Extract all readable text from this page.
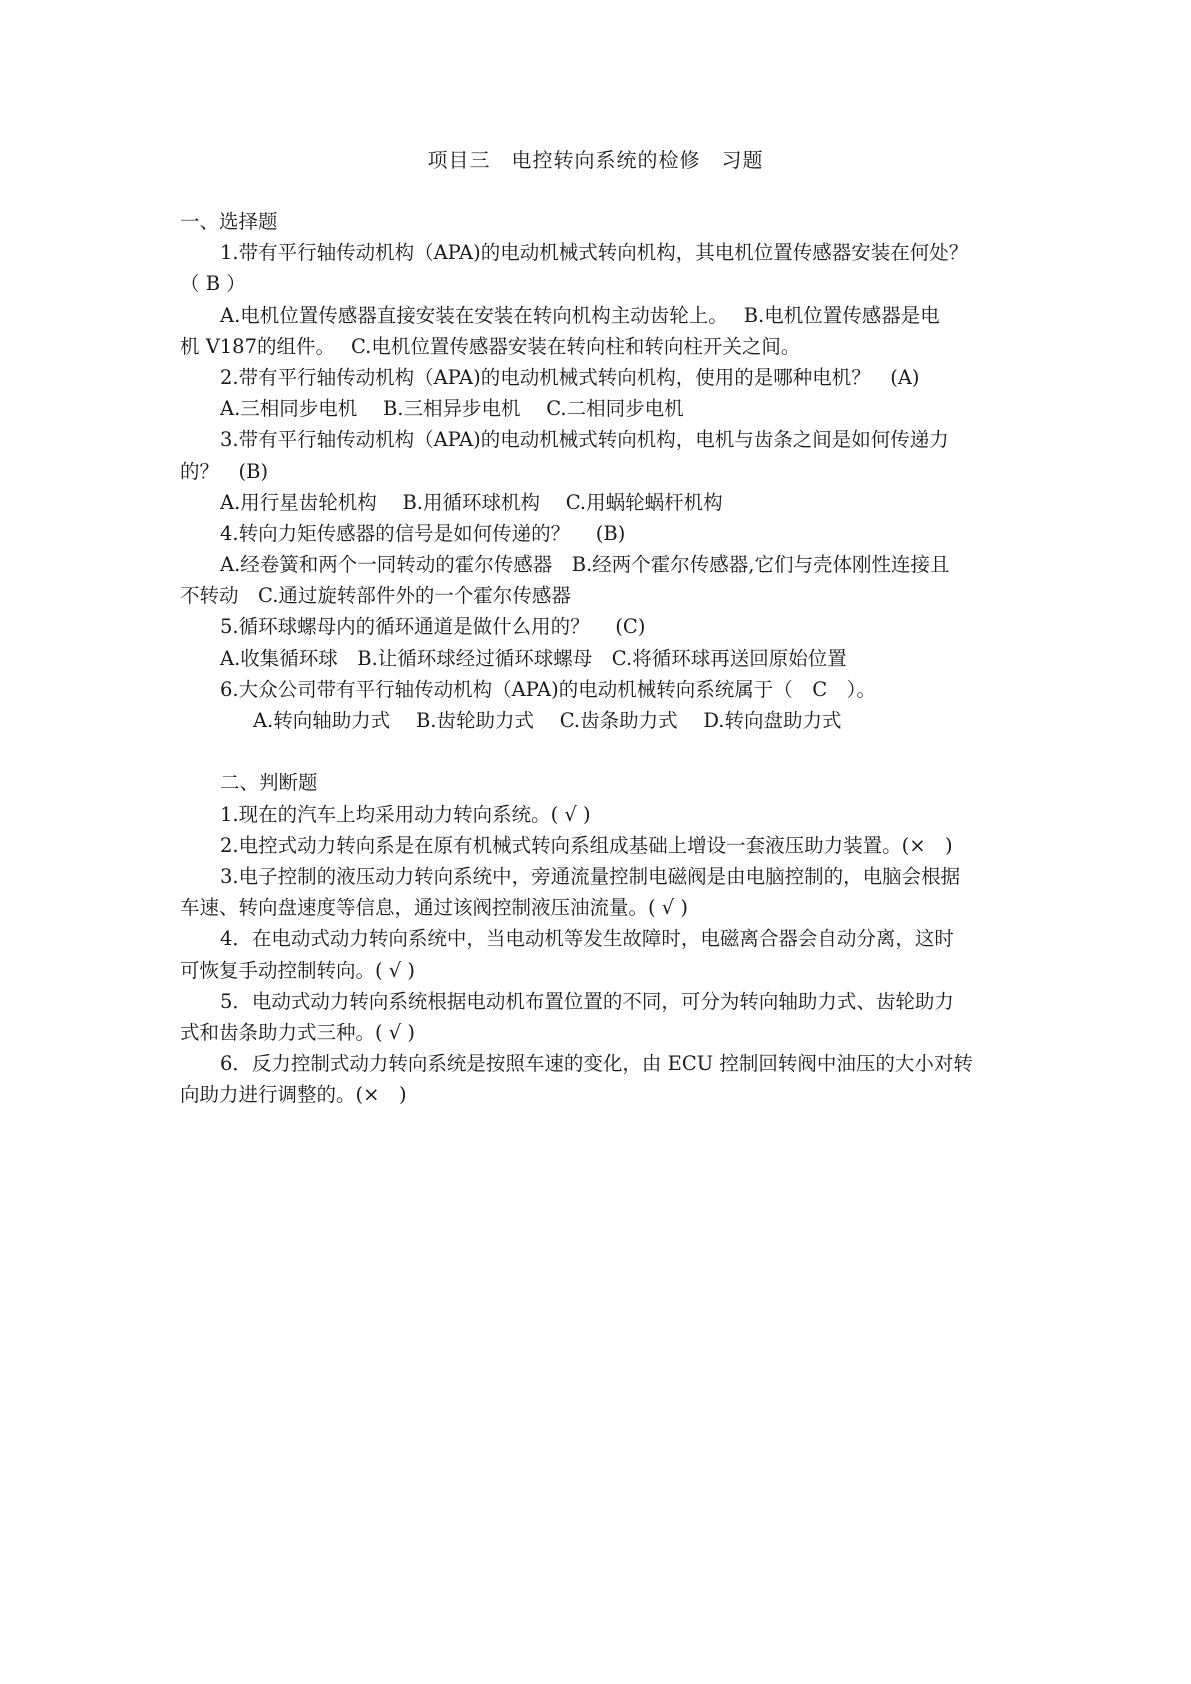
项目三　电控转向系统的检修　习题
一、选择题
1.带有平行轴传动机构（APA)的电动机械式转向机构，其电机位置传感器安装在何处？
（ B ）
A.电机位置传感器直接安装在安装在转向机构主动齿轮上。　 B.电机位置传感器是电
机 V187的组件。　 C.电机位置传感器安装在转向柱和转向柱开关之间。
2.带有平行轴传动机构（APA)的电动机械式转向机构，使用的是哪种电机？　(A)
A.三相同步电机　 B.三相异步电机　 C.二相同步电机
3.带有平行轴传动机构（APA)的电动机械式转向机构，电机与齿条之间是如何传递力
的？　(B)
A.用行星齿轮机构　 B.用循环球机构　 C.用蜗轮蜗杆机构
4.转向力矩传感器的信号是如何传递的？　 (B)
A.经卷簧和两个一同转动的霍尔传感器　B.经两个霍尔传感器,它们与壳体刚性连接且
不转动　C.通过旋转部件外的一个霍尔传感器
5.循环球螺母内的循环通道是做什么用的？　 (C)
A.收集循环球　B.让循环球经过循环球螺母　C.将循环球再送回原始位置
6.大众公司带有平行轴传动机构（APA)的电动机械转向系统属于（　C　）。
A.转向轴助力式　 B.齿轮助力式　 C.齿条助力式　 D.转向盘助力式
二、判断题
1.现在的汽车上均采用动力转向系统。( √ )
2.电控式动力转向系是在原有机械式转向系组成基础上增设一套液压助力装置。(×　)
3.电子控制的液压动力转向系统中，旁通流量控制电磁阀是由电脑控制的，电脑会根据
车速、转向盘速度等信息，通过该阀控制液压油流量。( √ )
4．在电动式动力转向系统中，当电动机等发生故障时，电磁离合器会自动分离，这时
可恢复手动控制转向。( √ )
5．电动式动力转向系统根据电动机布置位置的不同，可分为转向轴助力式、齿轮助力
式和齿条助力式三种。( √ )
6．反力控制式动力转向系统是按照车速的变化，由 ECU 控制回转阀中油压的大小对转
向助力进行调整的。(×　)
